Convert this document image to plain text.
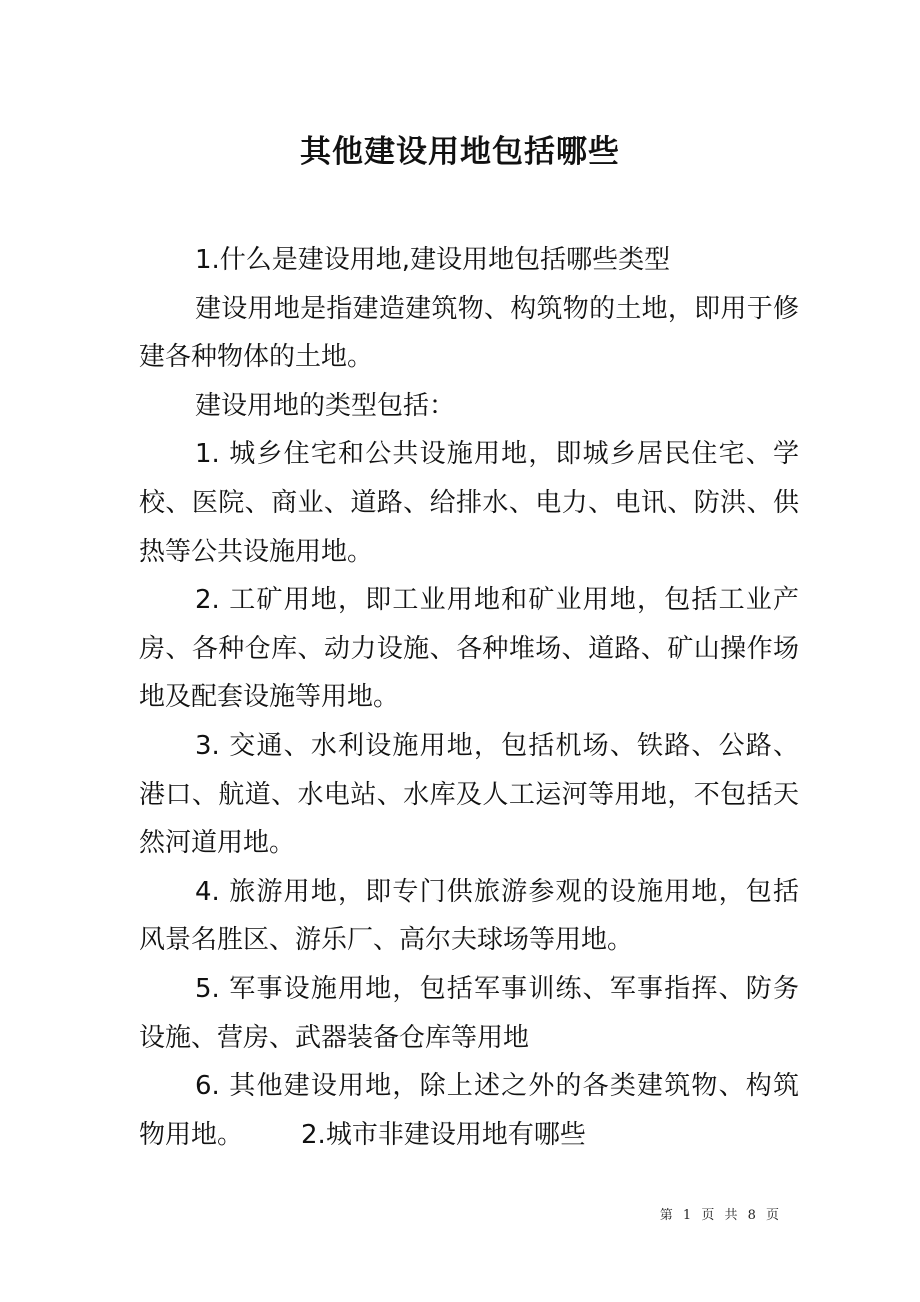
其他建设用地包括哪些

1.什么是建设用地,建设用地包括哪些类型

建设用地是指建造建筑物、构筑物的土地，即用于修建各种物体的土地。

建设用地的类型包括：

1. 城乡住宅和公共设施用地，即城乡居民住宅、学校、医院、商业、道路、给排水、电力、电讯、防洪、供热等公共设施用地。

2. 工矿用地，即工业用地和矿业用地，包括工业产房、各种仓库、动力设施、各种堆场、道路、矿山操作场地及配套设施等用地。

3. 交通、水利设施用地，包括机场、铁路、公路、港口、航道、水电站、水库及人工运河等用地，不包括天然河道用地。

4. 旅游用地，即专门供旅游参观的设施用地，包括风景名胜区、游乐厂、高尔夫球场等用地。

5. 军事设施用地，包括军事训练、军事指挥、防务设施、营房、武器装备仓库等用地

6. 其他建设用地，除上述之外的各类建筑物、构筑物用地。 2.城市非建设用地有哪些

第 1 页 共 8 页
